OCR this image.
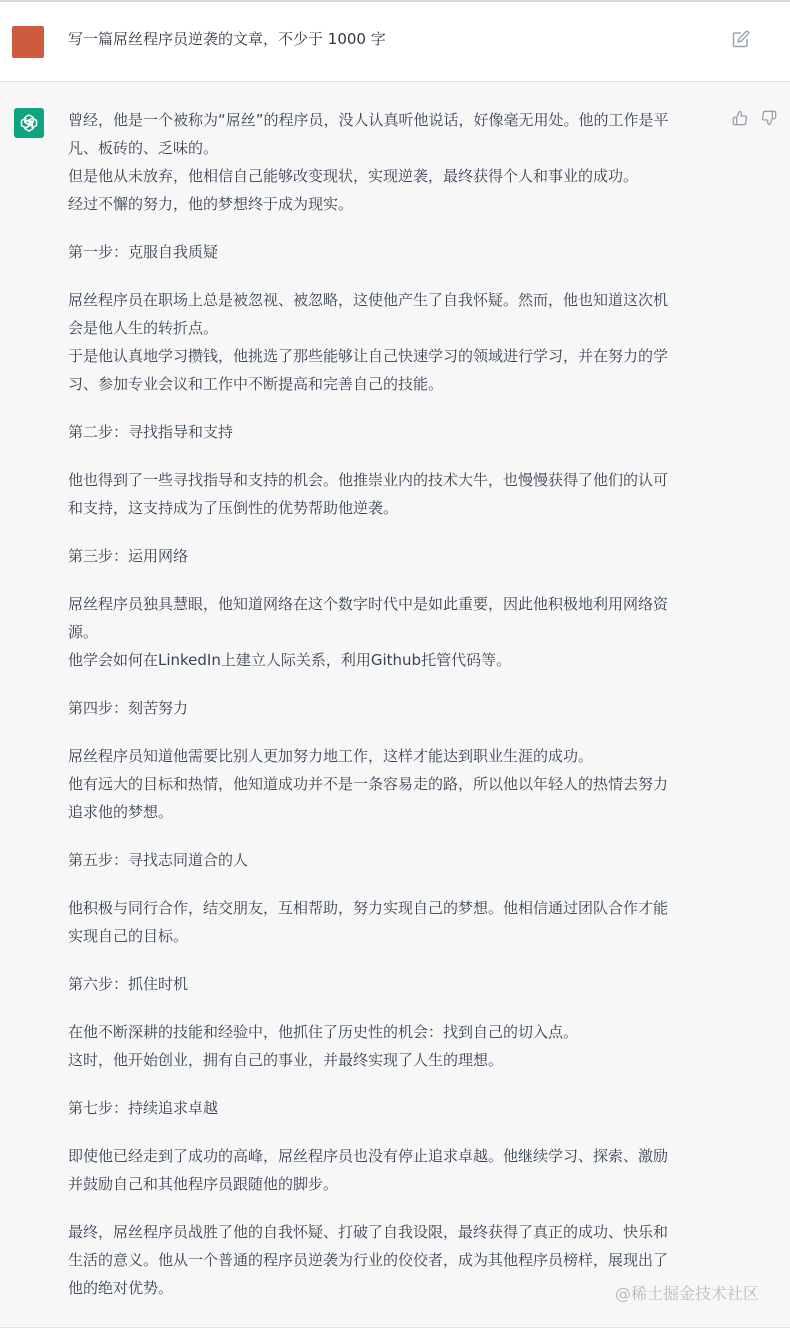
写一篇屌丝程序员逆袭的文章，不少于 1000 字
曾经，他是一个被称为“屌丝”的程序员，没人认真听他说话，好像毫无用处。他的工作是平
凡、板砖的、乏味的。
但是他从未放弃，他相信自己能够改变现状，实现逆袭，最终获得个人和事业的成功。
经过不懈的努力，他的梦想终于成为现实。
第一步：克服自我质疑
屌丝程序员在职场上总是被忽视、被忽略，这使他产生了自我怀疑。然而，他也知道这次机
会是他人生的转折点。
于是他认真地学习攒钱，他挑选了那些能够让自己快速学习的领域进行学习，并在努力的学
习、参加专业会议和工作中不断提高和完善自己的技能。
第二步：寻找指导和支持
他也得到了一些寻找指导和支持的机会。他推崇业内的技术大牛，也慢慢获得了他们的认可
和支持，这支持成为了压倒性的优势帮助他逆袭。
第三步：运用网络
屌丝程序员独具慧眼，他知道网络在这个数字时代中是如此重要，因此他积极地利用网络资
源。
他学会如何在LinkedIn上建立人际关系，利用Github托管代码等。
第四步：刻苦努力
屌丝程序员知道他需要比别人更加努力地工作，这样才能达到职业生涯的成功。
他有远大的目标和热情，他知道成功并不是一条容易走的路，所以他以年轻人的热情去努力
追求他的梦想。
第五步：寻找志同道合的人
他积极与同行合作，结交朋友，互相帮助，努力实现自己的梦想。他相信通过团队合作才能
实现自己的目标。
第六步：抓住时机
在他不断深耕的技能和经验中，他抓住了历史性的机会：找到自己的切入点。
这时，他开始创业，拥有自己的事业，并最终实现了人生的理想。
第七步：持续追求卓越
即使他已经走到了成功的高峰，屌丝程序员也没有停止追求卓越。他继续学习、探索、激励
并鼓励自己和其他程序员跟随他的脚步。
最终，屌丝程序员战胜了他的自我怀疑、打破了自我设限，最终获得了真正的成功、快乐和
生活的意义。他从一个普通的程序员逆袭为行业的佼佼者，成为其他程序员榜样，展现出了
他的绝对优势。	@稀土掘金技术社区
